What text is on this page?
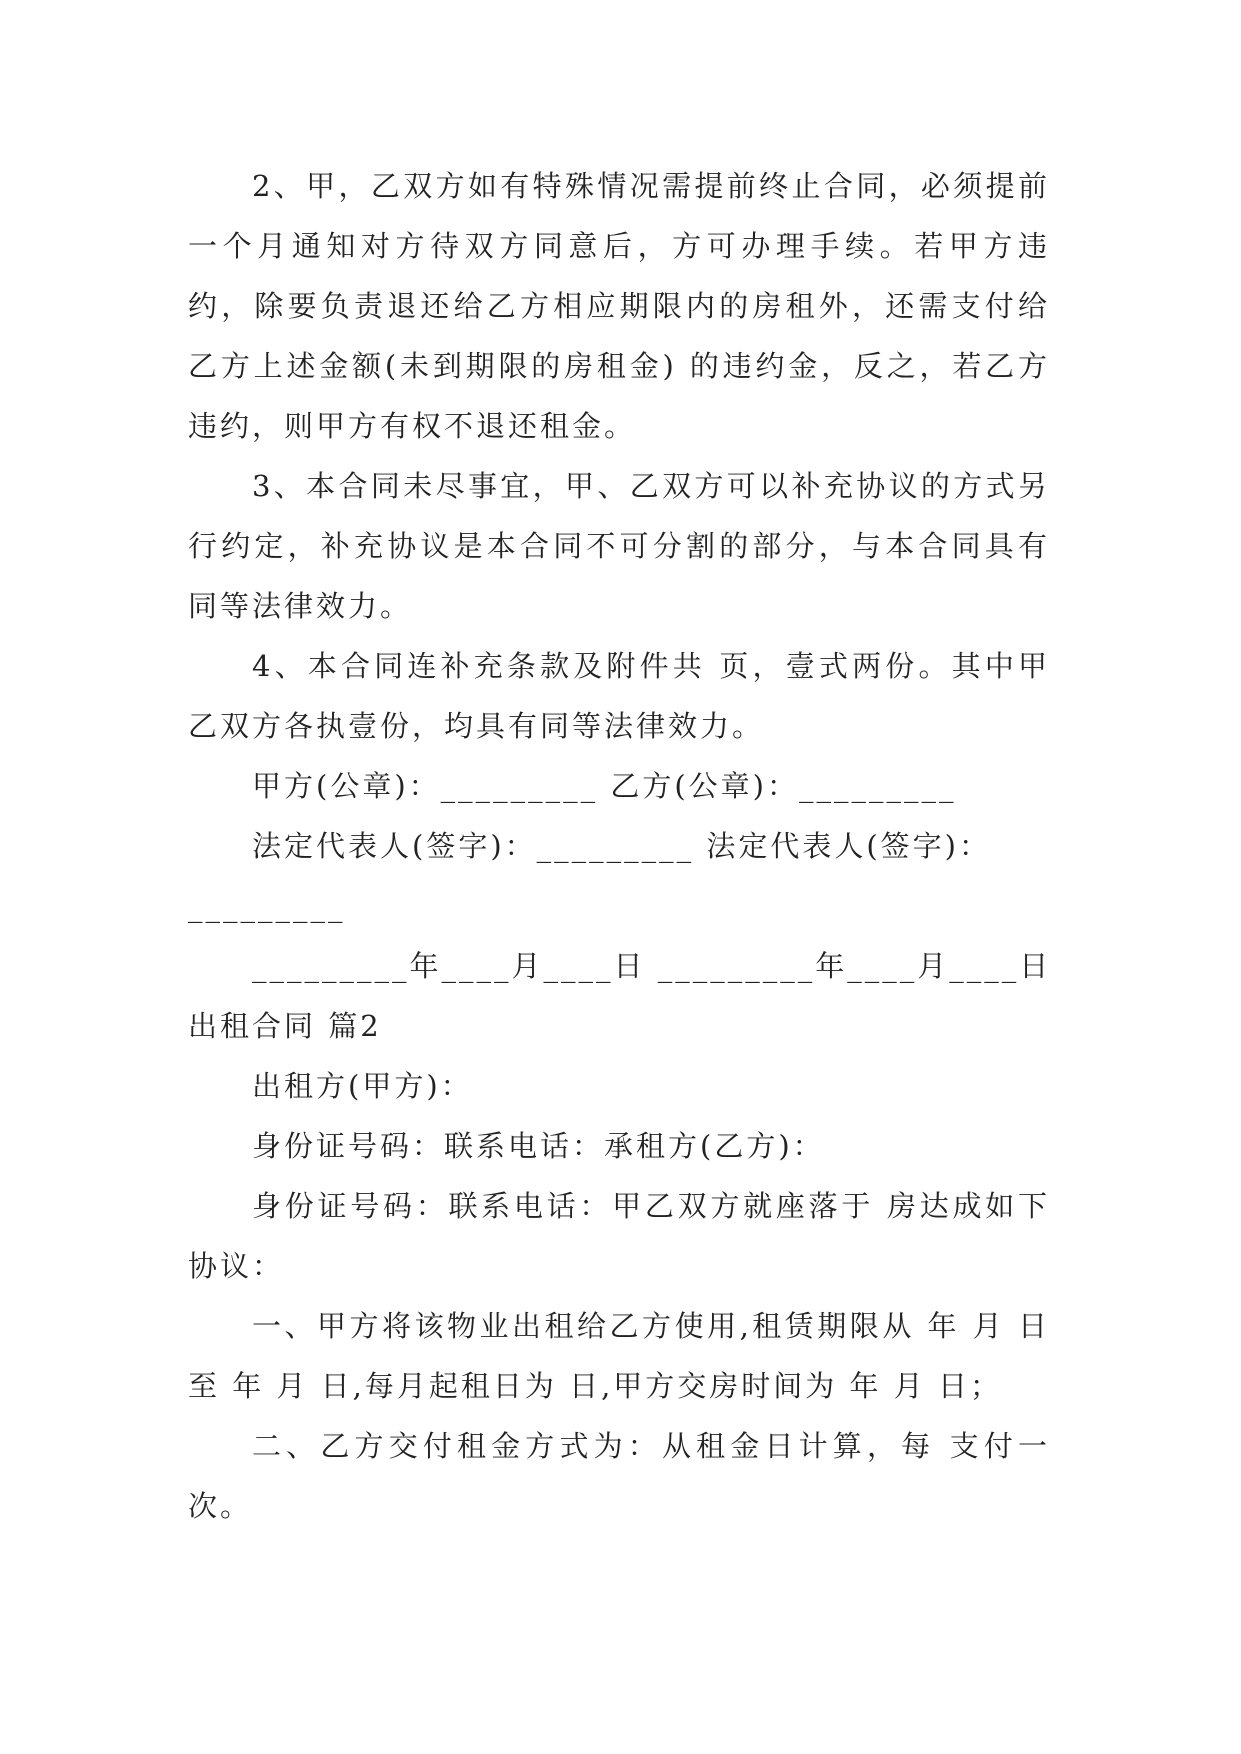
2、甲，乙双方如有特殊情况需提前终止合同，必须提前一个月通知对方待双方同意后，方可办理手续。若甲方违约，除要负责退还给乙方相应期限内的房租外，还需支付给乙方上述金额(未到期限的房租金) 的违约金，反之，若乙方违约，则甲方有权不退还租金。

3、本合同未尽事宜，甲、乙双方可以补充协议的方式另行约定，补充协议是本合同不可分割的部分，与本合同具有同等法律效力。

4、本合同连补充条款及附件共 页，壹式两份。其中甲乙双方各执壹份，均具有同等法律效力。

甲方(公章)：_________ 乙方(公章)：_________

法定代表人(签字)：_________ 法定代表人(签字)：

_________

_________年____月____日 _________年____月____日

出租合同 篇2

出租方(甲方)：

身份证号码：联系电话：承租方(乙方)：

身份证号码：联系电话：甲乙双方就座落于 房达成如下协议：

一、甲方将该物业出租给乙方使用,租赁期限从 年 月 日至 年 月 日,每月起租日为 日,甲方交房时间为 年 月 日；

二、乙方交付租金方式为：从租金日计算，每 支付一次。
